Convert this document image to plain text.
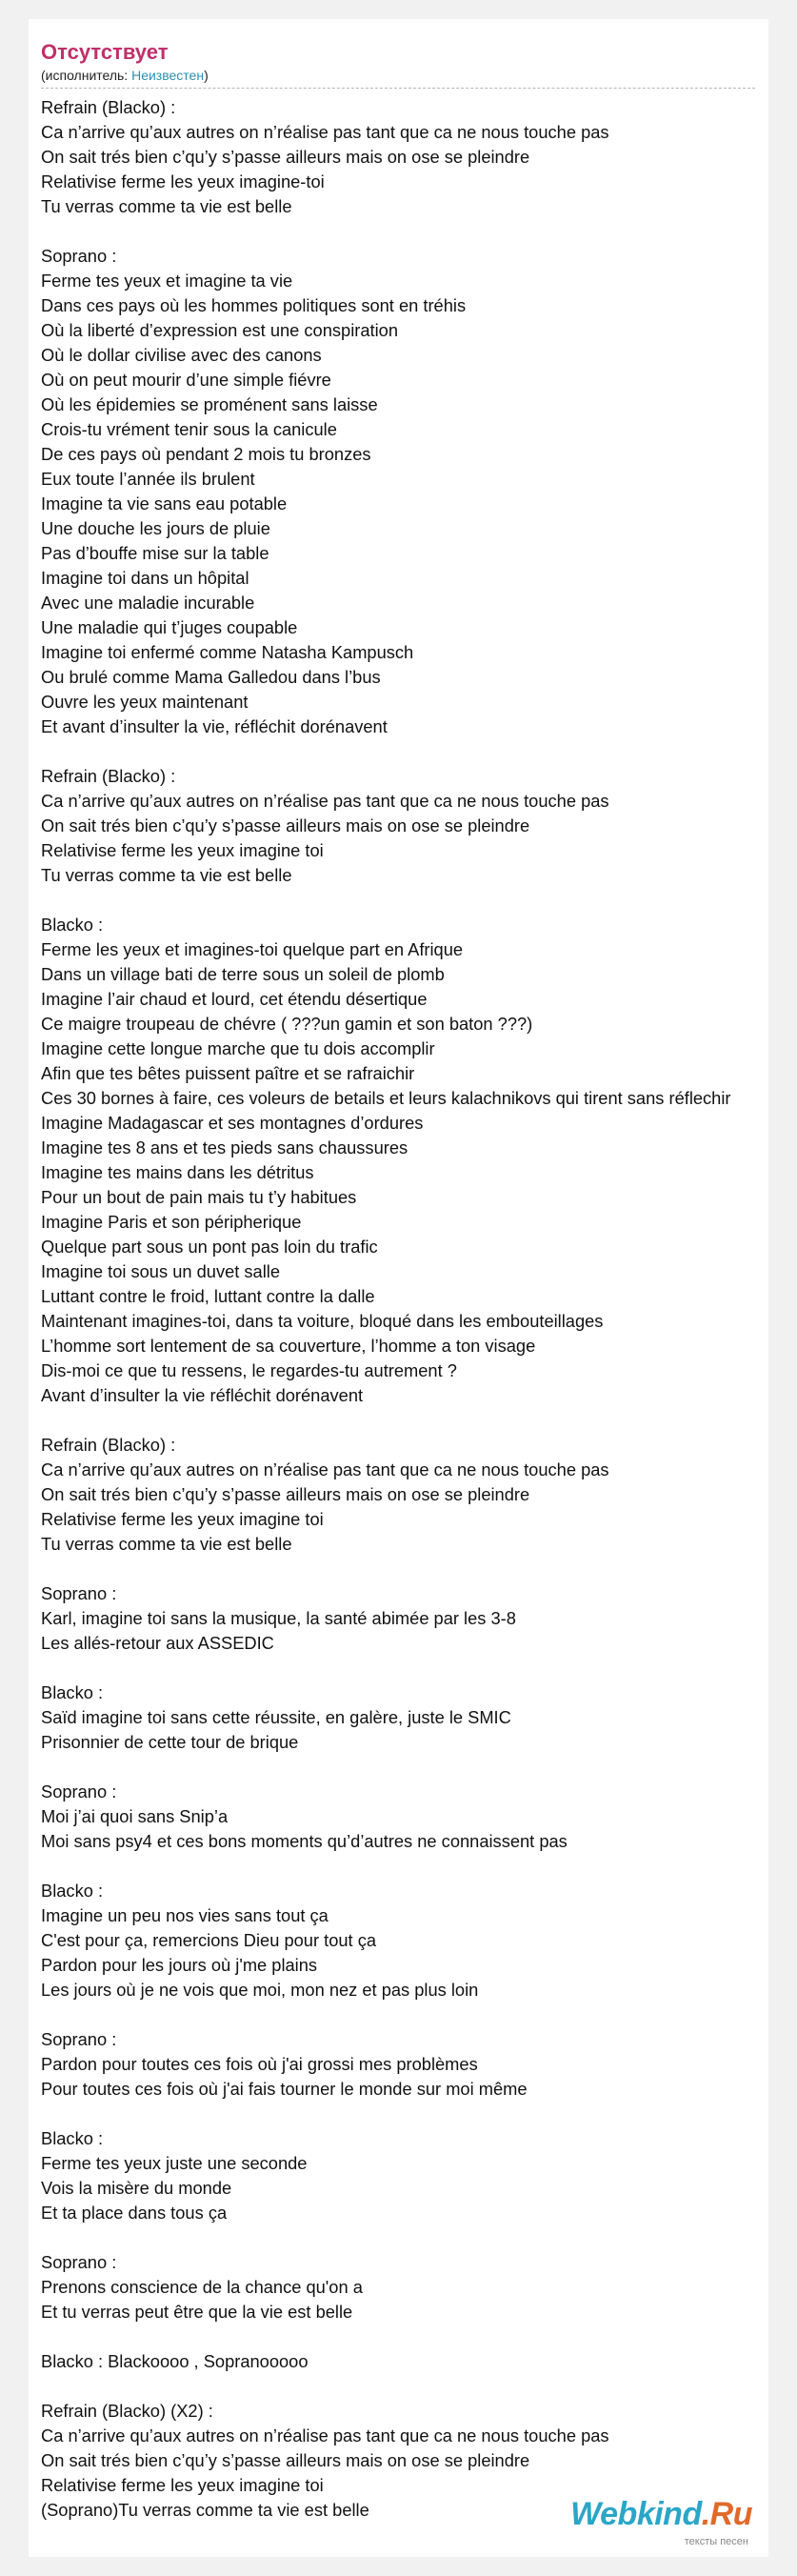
Отсутствует
(исполнитель: Неизвестен)
Refrain (Blacko) :
Ca n’arrive qu’aux autres on n’réalise pas tant que ca ne nous touche pas
On sait trés bien c’qu’y s’passe ailleurs mais on ose se pleindre
Relativise ferme les yeux imagine-toi
Tu verras comme ta vie est belle
Soprano :
Ferme tes yeux et imagine ta vie
Dans ces pays où les hommes politiques sont en tréhis
Où la liberté d’expression est une conspiration
Où le dollar civilise avec des canons
Où on peut mourir d’une simple fiévre
Où les épidemies se proménent sans laisse
Crois-tu vrément tenir sous la canicule
De ces pays où pendant 2 mois tu bronzes
Eux toute l’année ils brulent
Imagine ta vie sans eau potable
Une douche les jours de pluie
Pas d’bouffe mise sur la table
Imagine toi dans un hôpital
Avec une maladie incurable
Une maladie qui t’juges coupable
Imagine toi enfermé comme Natasha Kampusch
Ou brulé comme Mama Galledou dans l’bus
Ouvre les yeux maintenant
Et avant d’insulter la vie, réfléchit dorénavent
Refrain (Blacko) :
Ca n’arrive qu’aux autres on n’réalise pas tant que ca ne nous touche pas
On sait trés bien c’qu’y s’passe ailleurs mais on ose se pleindre
Relativise ferme les yeux imagine toi
Tu verras comme ta vie est belle
Blacko :
Ferme les yeux et imagines-toi quelque part en Afrique
Dans un village bati de terre sous un soleil de plomb
Imagine l’air chaud et lourd, cet étendu désertique
Ce maigre troupeau de chévre ( ???un gamin et son baton ???)
Imagine cette longue marche que tu dois accomplir
Afin que tes bêtes puissent paître et se rafraichir
Ces 30 bornes à faire, ces voleurs de betails et leurs kalachnikovs qui tirent sans réflechir
Imagine Madagascar et ses montagnes d’ordures
Imagine tes 8 ans et tes pieds sans chaussures
Imagine tes mains dans les détritus
Pour un bout de pain mais tu t’y habitues
Imagine Paris et son péripherique
Quelque part sous un pont pas loin du trafic
Imagine toi sous un duvet salle
Luttant contre le froid, luttant contre la dalle
Maintenant imagines-toi, dans ta voiture, bloqué dans les embouteillages
L’homme sort lentement de sa couverture, l’homme a ton visage
Dis-moi ce que tu ressens, le regardes-tu autrement ?
Avant d’insulter la vie réfléchit dorénavent
Refrain (Blacko) :
Ca n’arrive qu’aux autres on n’réalise pas tant que ca ne nous touche pas
On sait trés bien c’qu’y s’passe ailleurs mais on ose se pleindre
Relativise ferme les yeux imagine toi
Tu verras comme ta vie est belle
Soprano :
Karl, imagine toi sans la musique, la santé abimée par les 3-8
Les allés-retour aux ASSEDIC
Blacko :
Saïd imagine toi sans cette réussite, en galère, juste le SMIC
Prisonnier de cette tour de brique
Soprano :
Moi j’ai quoi sans Snip’a
Moi sans psy4 et ces bons moments qu’d’autres ne connaissent pas
Blacko :
Imagine un peu nos vies sans tout ça
C'est pour ça, remercions Dieu pour tout ça
Pardon pour les jours où j'me plains
Les jours où je ne vois que moi, mon nez et pas plus loin
Soprano :
Pardon pour toutes ces fois où j'ai grossi mes problèmes
Pour toutes ces fois où j'ai fais tourner le monde sur moi même
Blacko :
Ferme tes yeux juste une seconde
Vois la misère du monde
Et ta place dans tous ça
Soprano :
Prenons conscience de la chance qu'on a
Et tu verras peut être que la vie est belle
Blacko : Blackoooo , Sopranooooo
Refrain (Blacko) (X2) :
Ca n’arrive qu’aux autres on n’réalise pas tant que ca ne nous touche pas
On sait trés bien c’qu’y s’passe ailleurs mais on ose se pleindre
Relativise ferme les yeux imagine toi
(Soprano)Tu verras comme ta vie est belle	Webkind.Ru
тексты песен
